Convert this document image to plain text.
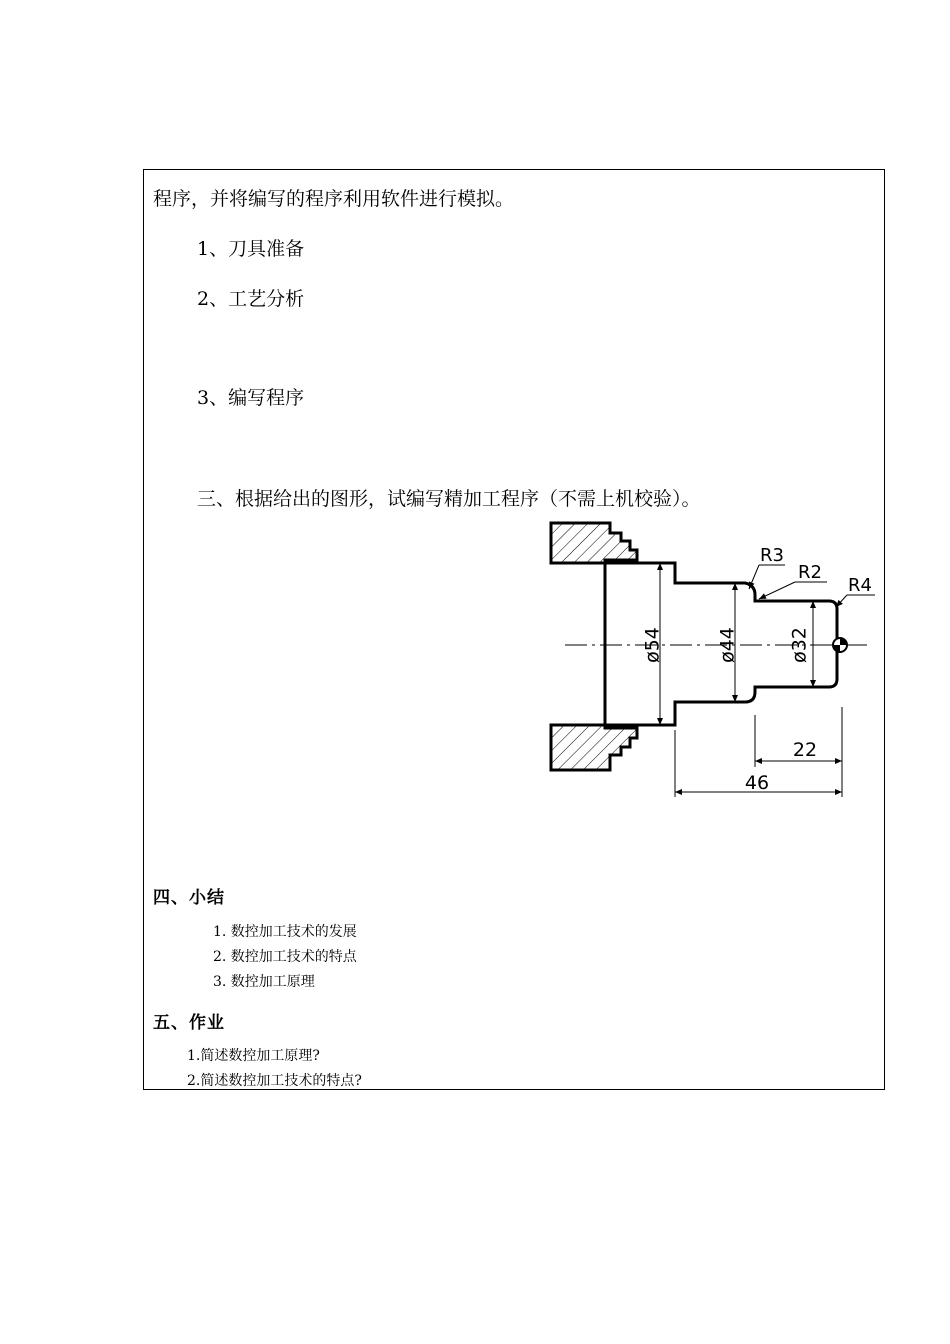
程序，并将编写的程序利用软件进行模拟。
1、刀具准备
2、工艺分析
3、编写程序
三、根据给出的图形，试编写精加工程序（不需上机校验）。
ø54	ø44	ø32
R3
R2
R4
22
46
四、小结
1. 数控加工技术的发展
2. 数控加工技术的特点
3. 数控加工原理
五、作业
1.简述数控加工原理?
2.简述数控加工技术的特点?
